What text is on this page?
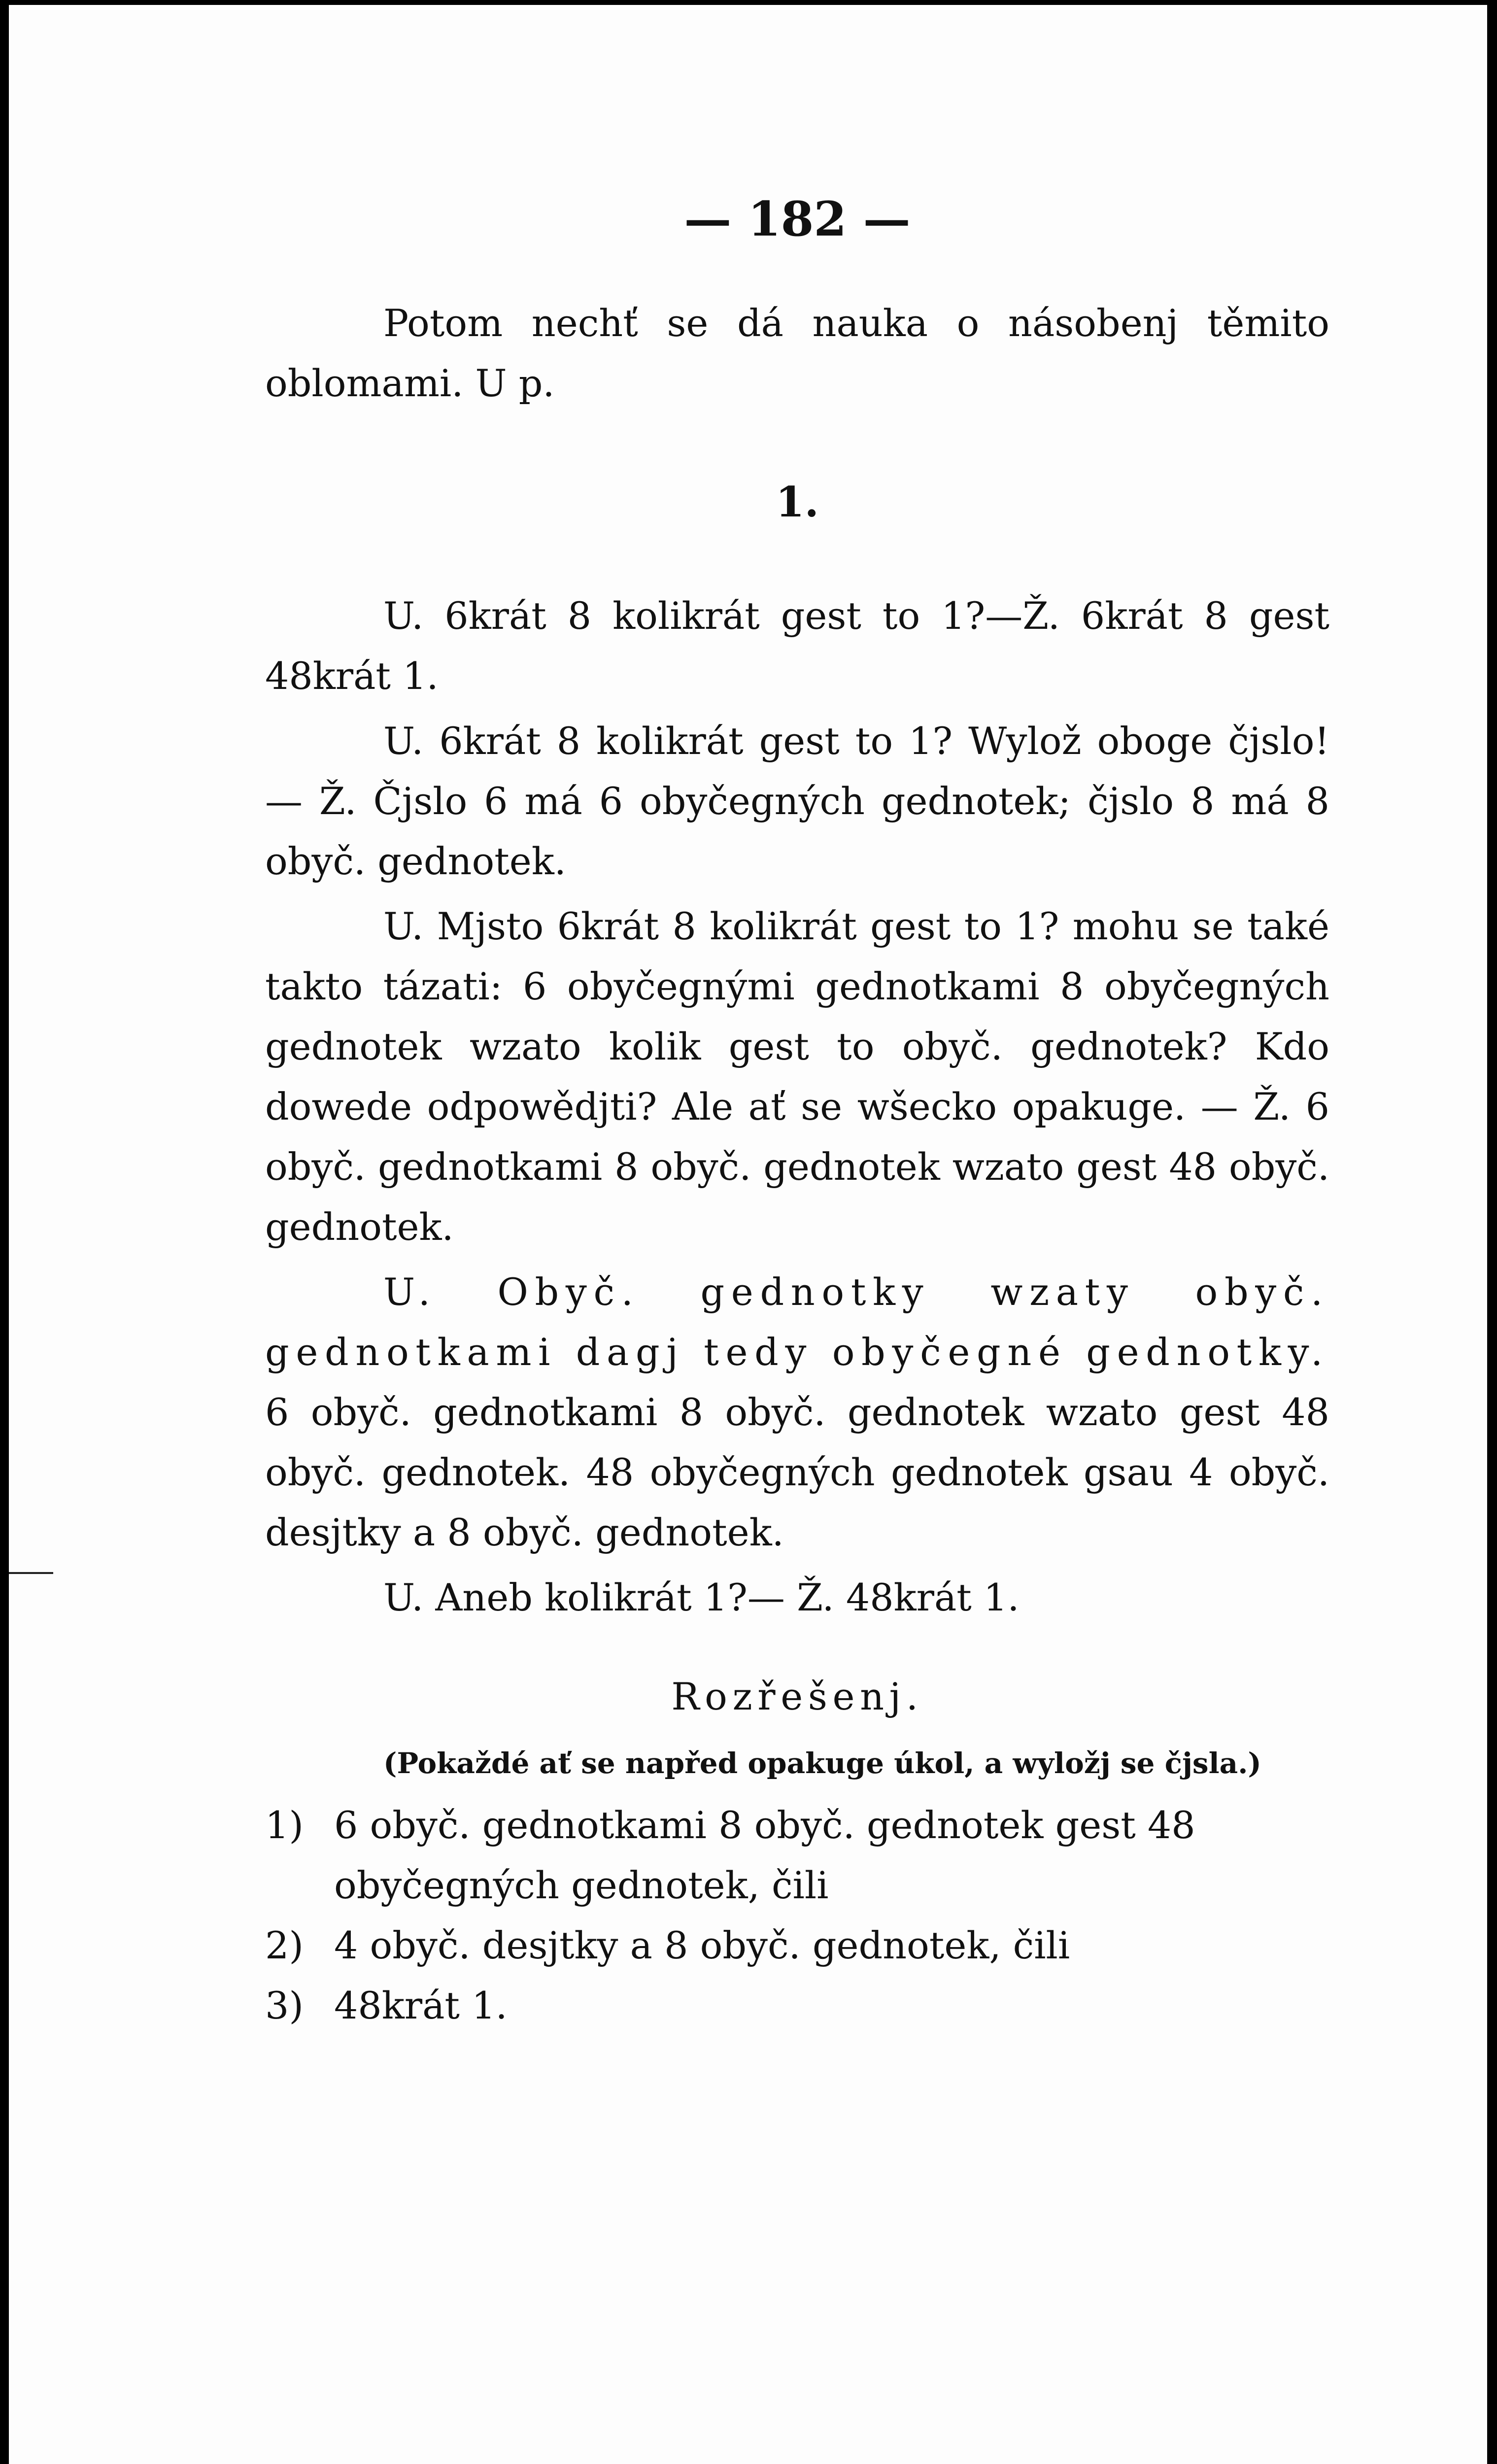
— 182 —

Potom nechť se dá nauka o násobenj těmito oblomami. U p.

1.

U. 6krát 8 kolikrát gest to 1?—Ž. 6krát 8 gest 48krát 1.

U. 6krát 8 kolikrát gest to 1? Wylož oboge čjslo!— Ž. Čjslo 6 má 6 obyčegných gednotek; čjslo 8 má 8 obyč. gednotek.

U. Mjsto 6krát 8 kolikrát gest to 1? mohu se také takto tázati: 6 obyčegnými gednotkami 8 obyčegných gednotek wzato kolik gest to obyč. gednotek? Kdo dowede odpowědjti? Ale ať se wšecko opakuge. — Ž. 6 obyč. gednotkami 8 obyč. gednotek wzato gest 48 obyč. gednotek.

U. Obyč. gednotky wzaty obyč. gednotkami dagj tedy obyčegné gednotky. 6 obyč. gednotkami 8 obyč. gednotek wzato gest 48 obyč. gednotek. 48 obyčegných gednotek gsau 4 obyč. desjtky a 8 obyč. gednotek.

U. Aneb kolikrát 1?— Ž. 48krát 1.

Rozřešenj.

(Pokaždé ať se napřed opakuge úkol, a wyložj se čjsla.)

1) 6 obyč. gednotkami 8 obyč. gednotek gest 48 obyčegných gednotek, čili
2) 4 obyč. desjtky a 8 obyč. gednotek, čili
3) 48krát 1.
